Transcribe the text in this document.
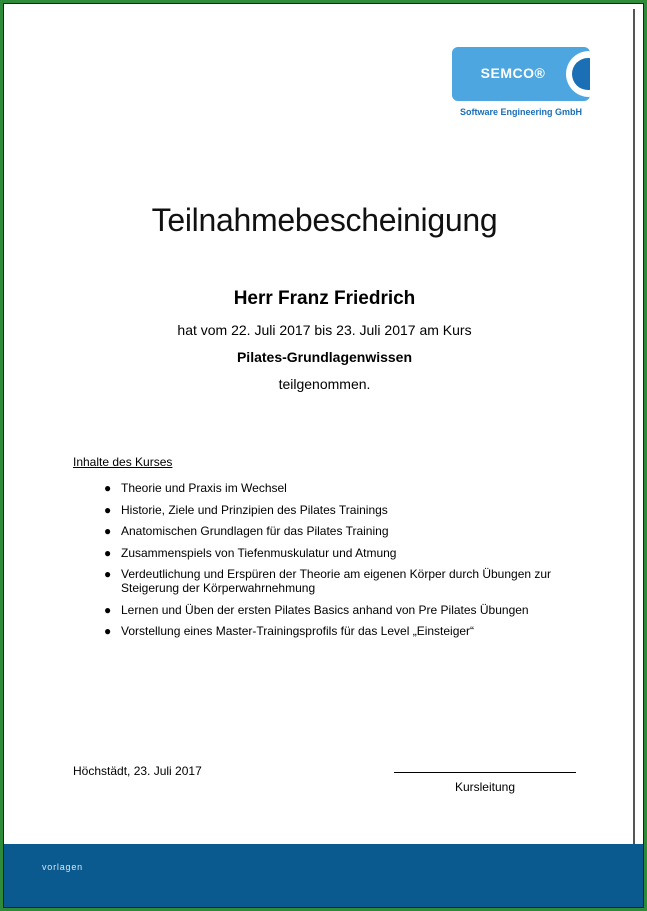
SEMCO®
Software Engineering GmbH
Teilnahmebescheinigung
Herr Franz Friedrich
hat vom 22. Juli 2017 bis 23. Juli 2017 am Kurs
Pilates-Grundlagenwissen
teilgenommen.
Inhalte des Kurses
● Theorie und Praxis im Wechsel
● Historie, Ziele und Prinzipien des Pilates Trainings
● Anatomischen Grundlagen für das Pilates Training
● Zusammenspiels von Tiefenmuskulatur und Atmung
● Verdeutlichung und Erspüren der Theorie am eigenen Körper durch Übungen zur Steigerung der Körperwahrnehmung
● Lernen und Üben der ersten Pilates Basics anhand von Pre Pilates Übungen
● Vorstellung eines Master-Trainingsprofils für das Level „Einsteiger“
Höchstädt, 23. Juli 2017
Kursleitung
vorlagen
